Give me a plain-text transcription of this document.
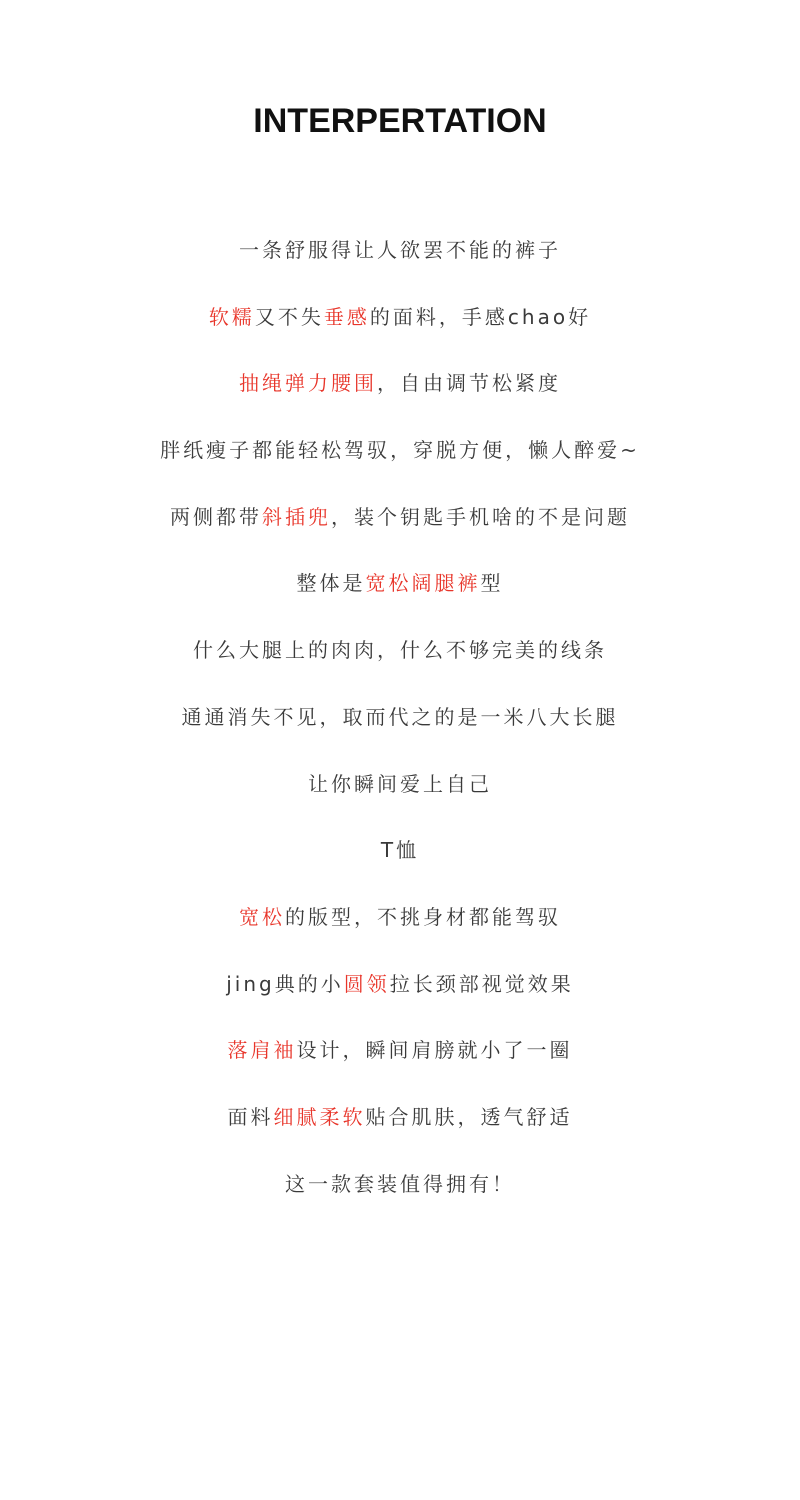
INTERPERTATION
一条舒服得让人欲罢不能的裤子
软糯又不失垂感的面料，手感chao好
抽绳弹力腰围，自由调节松紧度
胖纸瘦子都能轻松驾驭，穿脱方便，懒人醉爱~
两侧都带斜插兜，装个钥匙手机啥的不是问题
整体是宽松阔腿裤型
什么大腿上的肉肉，什么不够完美的线条
通通消失不见，取而代之的是一米八大长腿
让你瞬间爱上自己
T恤
宽松的版型，不挑身材都能驾驭
jing典的小圆领拉长颈部视觉效果
落肩袖设计，瞬间肩膀就小了一圈
面料细腻柔软贴合肌肤，透气舒适
这一款套装值得拥有！
